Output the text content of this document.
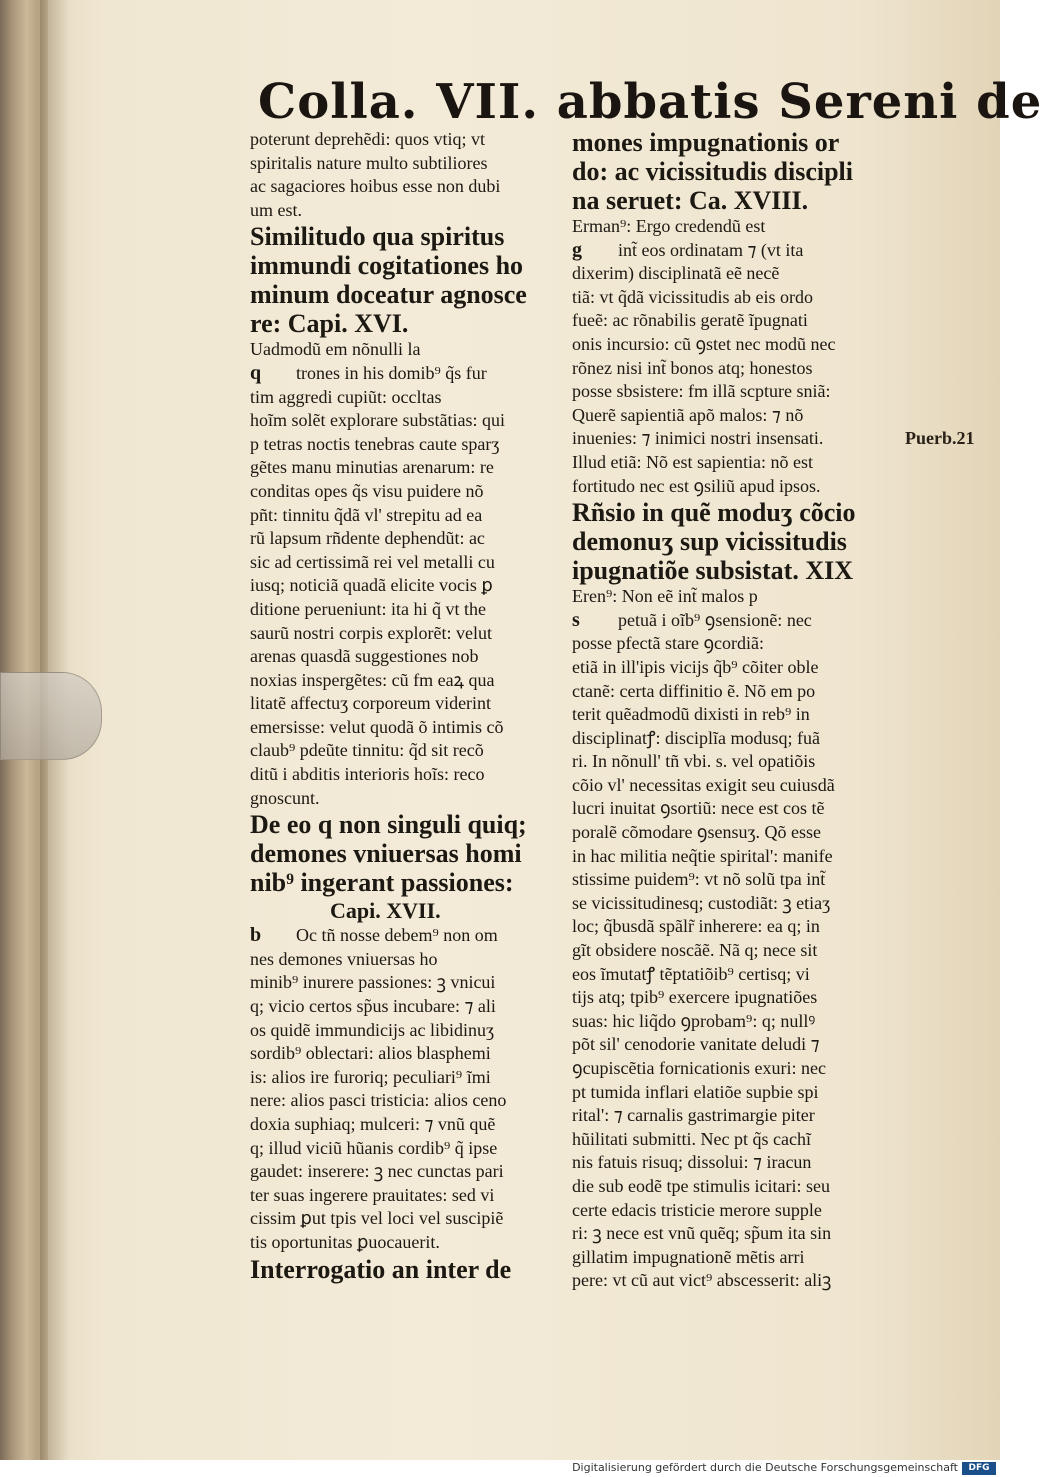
Colla. VII. abbatis Sereni de
poterunt deprehẽdi: quos vtiq; vt
spiritalis nature multo subtiliores
ac sagaciores hoibus esse non dubi
um est.
Similitudo qua spiritus
immundi cogitationes ho
minum doceatur agnosce
re: Capi. XVI.
Uadmodũ em nõnulli la
q trones in his domib⁹ q̃s fur
tim aggredi cupiũt: occltas
hoĩm solẽt explorare substãtias: qui
p tetras noctis tenebras caute sparʒ
gẽtes manu minutias arenarum: re
conditas opes q̃s visu puidere nõ
pñt: tinnitu q̃dã vl' strepitu ad ea
rũ lapsum rñdente dephendũt: ac
sic ad certissimã rei vel metalli cu
iusq; noticiã quadã elicite vocis ꝑ
ditione perueniunt: ita hi q̃ vt the
saurũ nostri corpis explorẽt: velut
arenas quasdã suggestiones nob
noxias inspergẽtes: cũ fm eaꝝ qua
litatẽ affectuʒ corporeum viderint
emersisse: velut quodã õ intimis cõ
claub⁹ pdeũte tinnitu: q̃d sit recõ
ditũ i abditis interioris hoĩs: reco
gnoscunt.
De eo q non singuli quiq;
demones vniuersas homi
nib⁹ ingerant passiones:
Capi. XVII.
b Oc tñ nosse debem⁹ non om
nes demones vniuersas ho
minib⁹ inurere passiones: ꝫ vnicui
q; vicio certos sp̃us incubare: ⁊ ali
os quidẽ immundicijs ac libidinuʒ
sordib⁹ oblectari: alios blasphemi
is: alios ire furoriq; peculiari⁹ ĩmi
nere: alios pasci tristicia: alios ceno
doxia suphiaq; mulceri: ⁊ vnũ quẽ
q; illud viciũ hũanis cordib⁹ q̃ ipse
gaudet: inserere: ꝫ nec cunctas pari
ter suas ingerere prauitates: sed vi
cissim ꝑut tpis vel loci vel suscipiẽ
tis oportunitas ꝑuocauerit.
Interrogatio an inter de
mones impugnationis or
do: ac vicissitudis discipli
na seruet: Ca. XVIII.
Erman⁹: Ergo credendũ est
g int̃ eos ordinatam ⁊ (vt ita
dixerim) disciplinatã eẽ necẽ
tiã: vt q̃dã vicissitudis ab eis ordo
fueẽ: ac rõnabilis geratẽ ĩpugnati
onis incursio: cũ ꝯstet nec modũ nec
rõnez nisi int̃ bonos atq; honestos
posse sbsistere: fm illã scpture sniã:
Querẽ sapientiã apõ malos: ⁊ nõ
inuenies: ⁊ inimici nostri insensati.
Illud etiã: Nõ est sapientia: nõ est
fortitudo nec est ꝯsiliũ apud ipsos.
Rñsio in quẽ moduʒ cõcio
demonuʒ sup vicissitudis
ipugnatiõe subsistat. XIX
Eren⁹: Non eẽ int̃ malos p
s petuã i oĩb⁹ ꝯsensionẽ: nec
posse pfectã stare ꝯcordiã:
etiã in ill'ipis vicijs q̃b⁹ cõiter oble
ctanẽ: certa diffinitio ẽ. Nõ em po
terit quẽadmodũ dixisti in reb⁹ in
disciplinatꝭ: disciplĩa modusq; fuã
ri. In nõnull' tñ vbi. s. vel opatiõis
cõio vl' necessitas exigit seu cuiusdã
lucri inuitat ꝯsortiũ: nece est cos tẽ
poralẽ cõmodare ꝯsensuʒ. Qõ esse
in hac militia neq̃tie spirital': manife
stissime puidem⁹: vt nõ solũ tpa int̃
se vicissitudinesq; custodiãt: ꝫ etiaʒ
loc; q̃busdã spãlr̃ inherere: ea q; in
gĩt obsidere noscãẽ. Nã q; nece sit
eos ĩmutatꝭ tẽptatiõib⁹ certisq; vi
tijs atq; tpib⁹ exercere ipugnatiões
suas: hic liq̃do ꝯprobam⁹: q; nullꝰ
põt sil' cenodorie vanitate deludi ⁊
ꝯcupiscẽtia fornicationis exuri: nec
pt tumida inflari elatiõe supbie spi
rital': ⁊ carnalis gastrimargie piter
hũilitati submitti. Nec pt q̃s cachĩ
nis fatuis risuq; dissolui: ⁊ iracun
die sub eodẽ tpe stimulis icitari: seu
certe edacis tristicie merore supple
ri: ꝫ nece est vnũ quẽq; sp̃um ita sin
gillatim impugnationẽ mẽtis arri
pere: vt cũ aut vict⁹ abscesserit: aliꝫ
Puerb.21
Digitalisierung gefördert durch die Deutsche Forschungsgemeinschaft	DFG
